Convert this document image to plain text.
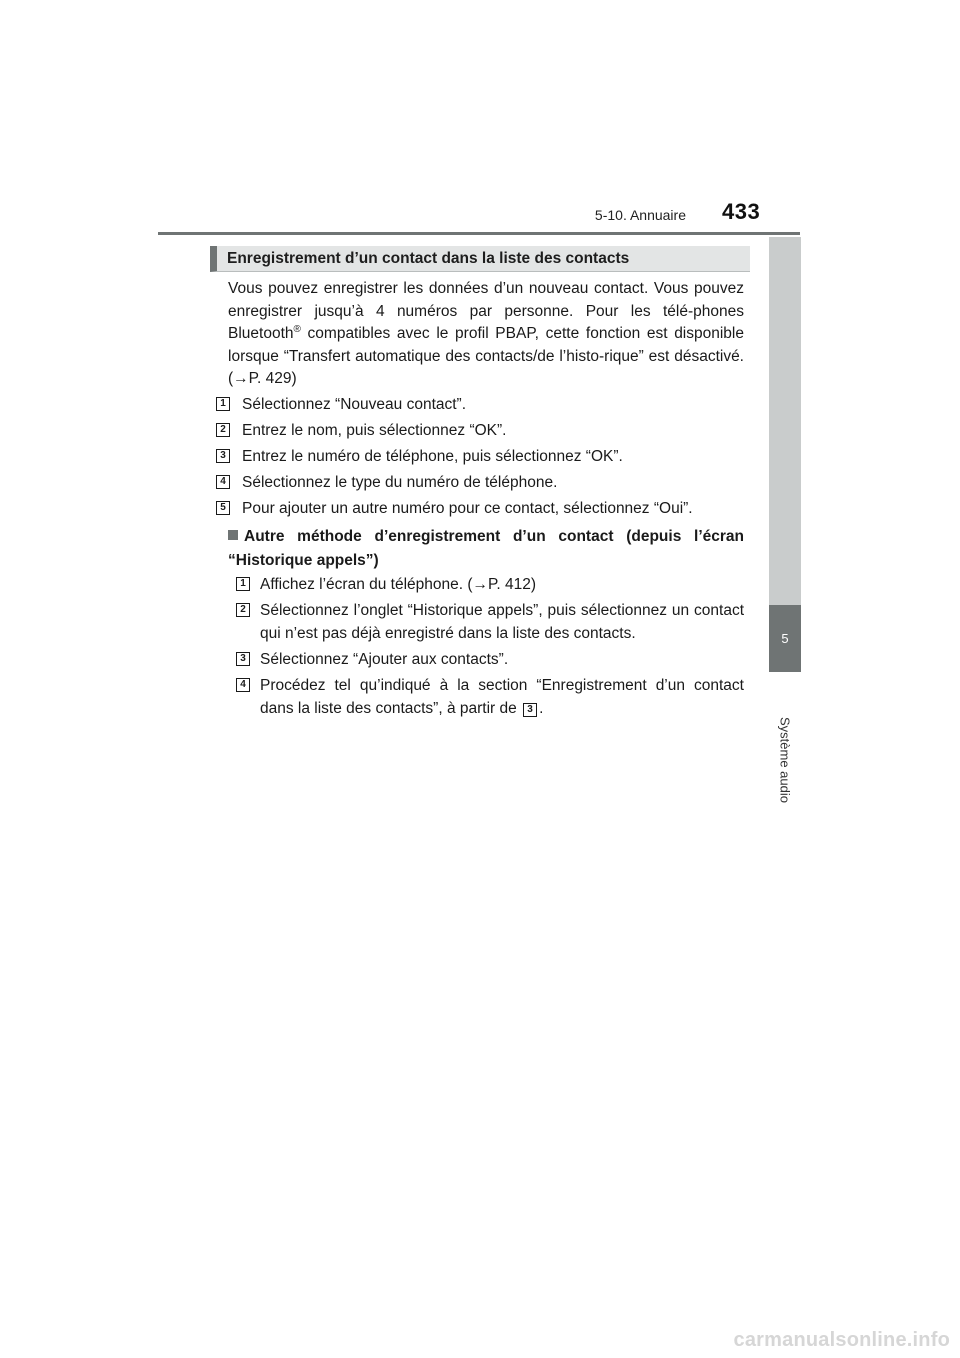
5-10. Annuaire 433
5
Système audio
Enregistrement d’un contact dans la liste des contacts

Vous pouvez enregistrer les données d’un nouveau contact. Vous pouvez enregistrer jusqu’à 4 numéros par personne. Pour les télé-phones Bluetooth® compatibles avec le profil PBAP, cette fonction est disponible lorsque “Transfert automatique des contacts/de l’histo-rique” est désactivé. (→P. 429)

1 Sélectionnez “Nouveau contact”.
2 Entrez le nom, puis sélectionnez “OK”.
3 Entrez le numéro de téléphone, puis sélectionnez “OK”.
4 Sélectionnez le type du numéro de téléphone.
5 Pour ajouter un autre numéro pour ce contact, sélectionnez “Oui”.
Autre méthode d’enregistrement d’un contact (depuis l’écran “Historique appels”)
1 Affichez l’écran du téléphone. (→P. 412)
2 Sélectionnez l’onglet “Historique appels”, puis sélectionnez un contact qui n’est pas déjà enregistré dans la liste des contacts.
3 Sélectionnez “Ajouter aux contacts”.
4 Procédez tel qu’indiqué à la section “Enregistrement d’un contact dans la liste des contacts”, à partir de 3 .
carmanualsonline.info
